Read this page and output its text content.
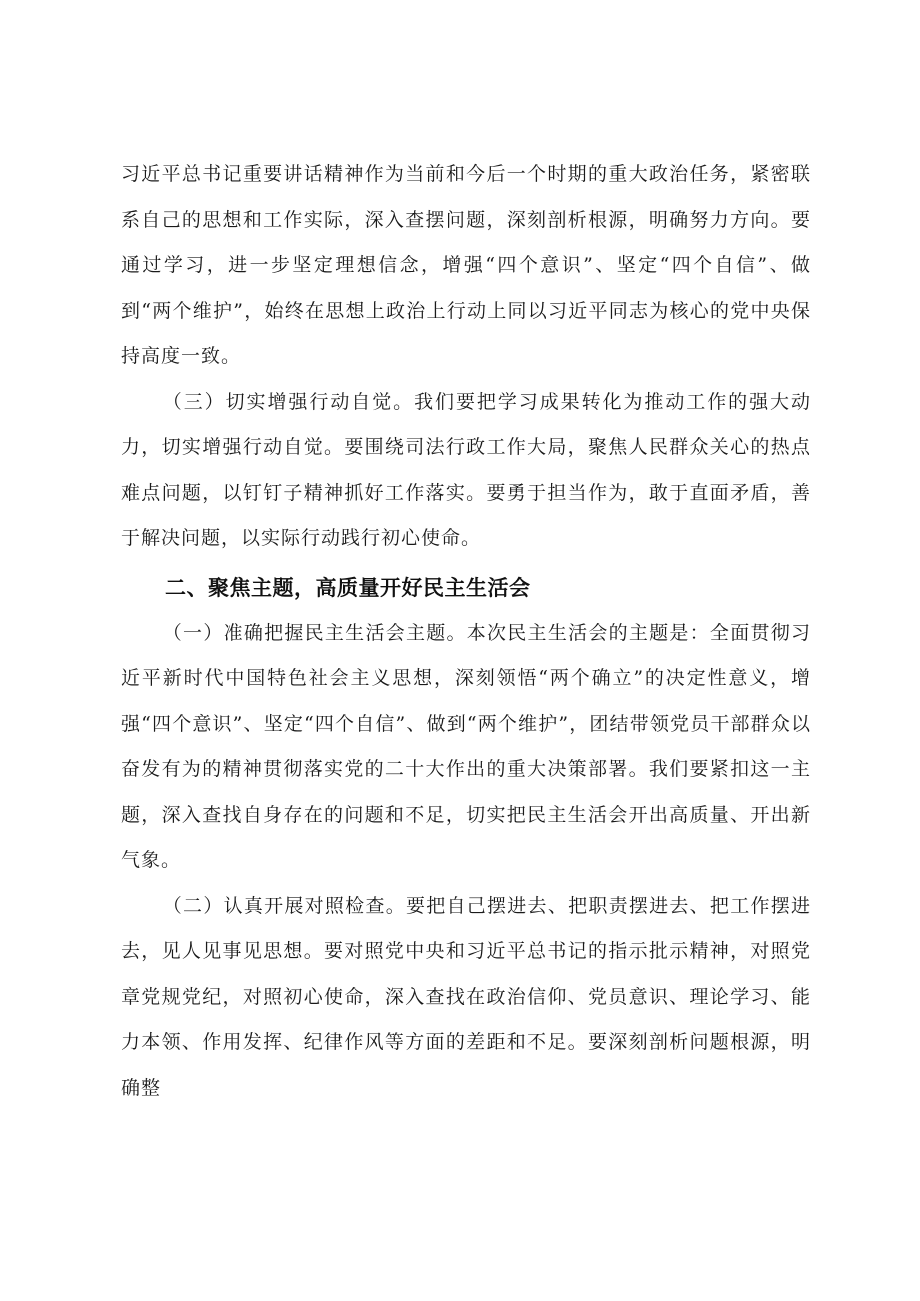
习近平总书记重要讲话精神作为当前和今后一个时期的重大政治任务，紧密联系自己的思想和工作实际，深入查摆问题，深刻剖析根源，明确努力方向。要通过学习，进一步坚定理想信念，增强“四个意识”、坚定“四个自信”、做到“两个维护”，始终在思想上政治上行动上同以习近平同志为核心的党中央保持高度一致。

（三）切实增强行动自觉。我们要把学习成果转化为推动工作的强大动力，切实增强行动自觉。要围绕司法行政工作大局，聚焦人民群众关心的热点难点问题，以钉钉子精神抓好工作落实。要勇于担当作为，敢于直面矛盾，善于解决问题，以实际行动践行初心使命。

二、聚焦主题，高质量开好民主生活会

（一）准确把握民主生活会主题。本次民主生活会的主题是：全面贯彻习近平新时代中国特色社会主义思想，深刻领悟“两个确立”的决定性意义，增强“四个意识”、坚定“四个自信”、做到“两个维护”，团结带领党员干部群众以奋发有为的精神贯彻落实党的二十大作出的重大决策部署。我们要紧扣这一主题，深入查找自身存在的问题和不足，切实把民主生活会开出高质量、开出新气象。

（二）认真开展对照检查。要把自己摆进去、把职责摆进去、把工作摆进去，见人见事见思想。要对照党中央和习近平总书记的指示批示精神，对照党章党规党纪，对照初心使命，深入查找在政治信仰、党员意识、理论学习、能力本领、作用发挥、纪律作风等方面的差距和不足。要深刻剖析问题根源，明确整
